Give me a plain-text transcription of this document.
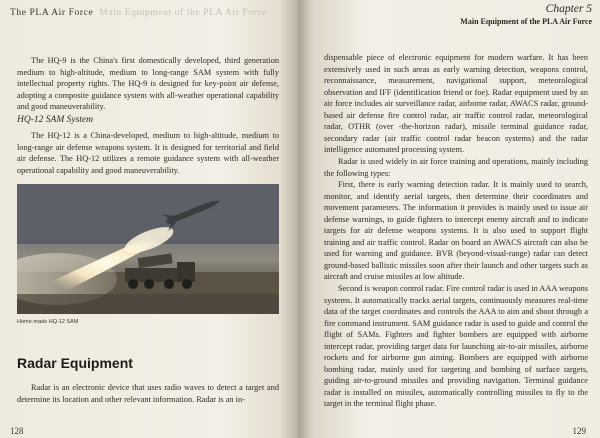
The PLA Air Force Main Equipment of the PLA Air Force

The HQ-9 is the China's first domestically developed, third generation medium to high-altitude, medium to long-range SAM system with fully intellectual property rights. The HQ-9 is designed for key-point air defense, adopting a composite guidance system with all-weather operational capability and good maneuverability.

HQ-12 SAM System

The HQ-12 is a China-developed, medium to high-altitude, medium to long-range air defense weapons system. It is designed for territorial and field air defense. The HQ-12 utilizes a remote guidance system with all-weather operational capability and good maneuverability.

Home-made HQ-12 SAM
Radar Equipment

Radar is an electronic device that uses radio waves to detect a target and determine its location and other relevant information. Radar is an in-

128
Chapter 5
Main Equipment of the PLA Air Force

dispensable piece of electronic equipment for modern warfare. It has been extensively used in such areas as early warning detection, weapons control, reconnaissance, measurement, navigational support, meteorological observation and IFF (identification friend or foe). Radar equipment used by an air force includes air surveillance radar, airborne radar, AWACS radar, ground-based air defense fire control radar, air traffic control radar, meteorological radar, OTHR (over -the-horizon radar), missile terminal guidance radar, secondary radar (air traffic control radar beacon systems) and the radar intelligence automated processing system.

Radar is used widely in air force training and operations, mainly including the following types:

First, there is early warning detection radar. It is mainly used to search, monitor, and identify aerial targets, then determine their coordinates and movement parameters. The information it provides is mainly used to issue air defense warnings, to guide fighters to intercept enemy aircraft and to indicate targets for air defense weapons systems. It is also used to support flight training and air traffic control. Radar on board an AWACS aircraft can also be used for warning and guidance. BVR (beyond-visual-range) radar can detect ground-based ballistic missiles soon after their launch and other targets such as aircraft and cruise missiles at low altitude.

Second is weapon control radar. Fire control radar is used in AAA weapons systems. It automatically tracks aerial targets, continuously measures real-time data of the target coordinates and controls the AAA to aim and shoot through a fire command instrument. SAM guidance radar is used to guide and control the flight of SAMs. Fighters and fighter bombers are equipped with airborne intercept radar, providing target data for launching air-to-air missiles, airborne rockets and for airborne gun aiming. Bombers are equipped with airborne bombing radar, mainly used for targeting and bombing of surface targets, guiding air-to-ground missiles and providing navigation. Terminal guidance radar is installed on missiles, automatically controlling missiles to fly to the target in the terminal flight phase.

129
